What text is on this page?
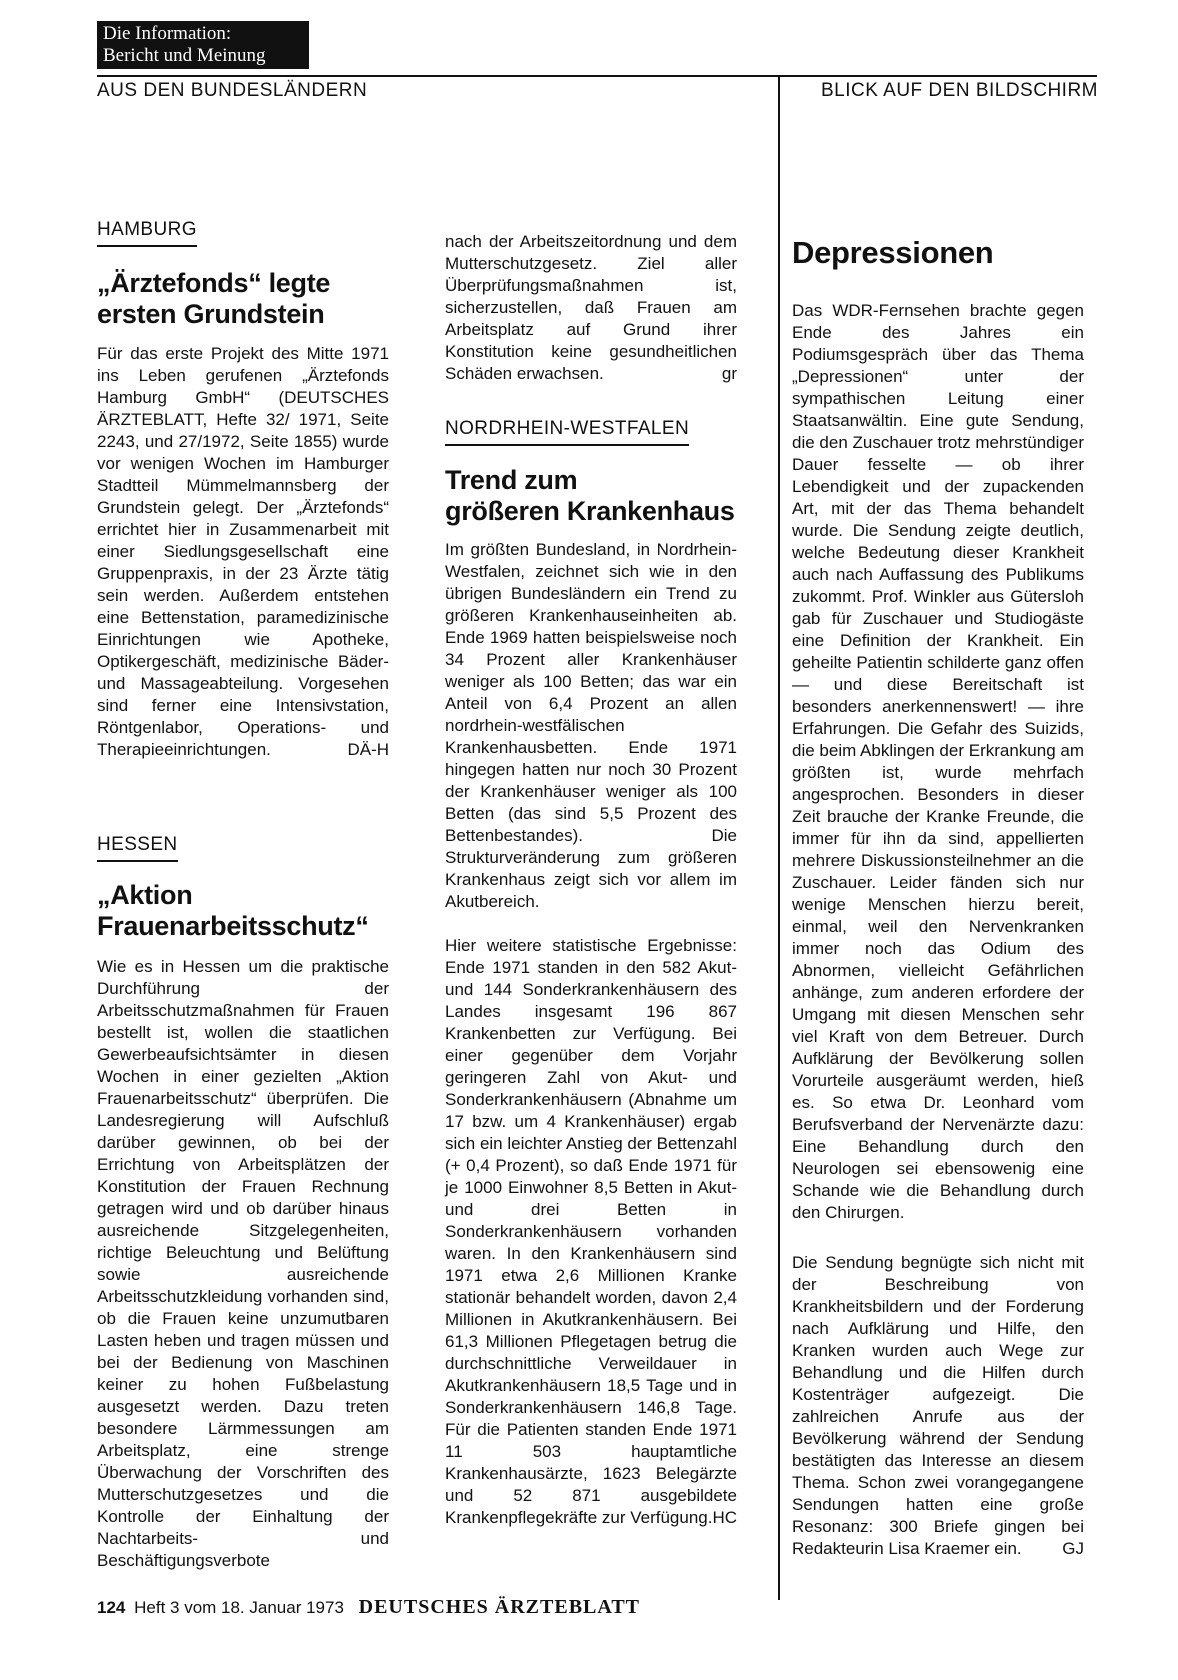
Die Information:
Bericht und Meinung
AUS DEN BUNDESLÄNDERN	BLICK AUF DEN BILDSCHIRM
HAMBURG
„Ärztefonds“ legte
ersten Grundstein
Für das erste Projekt des Mitte 1971 ins Leben gerufenen „Ärztefonds Hamburg GmbH“ (DEUTSCHES ÄRZTEBLATT, Hefte 32/ 1971, Seite 2243, und 27/1972, Seite 1855) wurde vor wenigen Wochen im Hamburger Stadtteil Mümmelmannsberg der Grundstein gelegt. Der „Ärztefonds“ errichtet hier in Zusammenarbeit mit einer Siedlungsgesellschaft eine Gruppenpraxis, in der 23 Ärzte tätig sein werden. Außerdem entstehen eine Bettenstation, paramedizinische Einrichtungen wie Apotheke, Optikergeschäft, medizinische Bäder- und Massageabteilung. Vorgesehen sind ferner eine Intensivstation, Röntgenlabor, Operations- und Therapieeinrichtungen.	DÄ-H
HESSEN
„Aktion
Frauenarbeitsschutz“
Wie es in Hessen um die praktische Durchführung der Arbeitsschutzmaßnahmen für Frauen bestellt ist, wollen die staatlichen Gewerbeaufsichtsämter in diesen Wochen in einer gezielten „Aktion Frauenarbeitsschutz“ überprüfen. Die Landesregierung will Aufschluß darüber gewinnen, ob bei der Errichtung von Arbeitsplätzen der Konstitution der Frauen Rechnung getragen wird und ob darüber hinaus ausreichende Sitzgelegenheiten, richtige Beleuchtung und Belüftung sowie ausreichende Arbeitsschutzkleidung vorhanden sind, ob die Frauen keine unzumutbaren Lasten heben und tragen müssen und bei der Bedienung von Maschinen keiner zu hohen Fußbelastung ausgesetzt werden. Dazu treten besondere Lärmmessungen am Arbeitsplatz, eine strenge Überwachung der Vorschriften des Mutterschutzgesetzes und die Kontrolle der Einhaltung der Nachtarbeits- und Beschäftigungsverbote
nach der Arbeitszeitordnung und dem Mutterschutzgesetz. Ziel aller Überprüfungsmaßnahmen ist, sicherzustellen, daß Frauen am Arbeitsplatz auf Grund ihrer Konstitution keine gesundheitlichen Schäden erwachsen.	gr
NORDRHEIN-WESTFALEN
Trend zum
größeren Krankenhaus
Im größten Bundesland, in Nordrhein-Westfalen, zeichnet sich wie in den übrigen Bundesländern ein Trend zu größeren Krankenhauseinheiten ab. Ende 1969 hatten beispielsweise noch 34 Prozent aller Krankenhäuser weniger als 100 Betten; das war ein Anteil von 6,4 Prozent an allen nordrhein-westfälischen Krankenhausbetten. Ende 1971 hingegen hatten nur noch 30 Prozent der Krankenhäuser weniger als 100 Betten (das sind 5,5 Prozent des Bettenbestandes). Die Strukturveränderung zum größeren Krankenhaus zeigt sich vor allem im Akutbereich.
Hier weitere statistische Ergebnisse: Ende 1971 standen in den 582 Akut- und 144 Sonderkrankenhäusern des Landes insgesamt 196 867 Krankenbetten zur Verfügung. Bei einer gegenüber dem Vorjahr geringeren Zahl von Akut- und Sonderkrankenhäusern (Abnahme um 17 bzw. um 4 Krankenhäuser) ergab sich ein leichter Anstieg der Bettenzahl (+ 0,4 Prozent), so daß Ende 1971 für je 1000 Einwohner 8,5 Betten in Akut- und drei Betten in Sonderkrankenhäusern vorhanden waren. In den Krankenhäusern sind 1971 etwa 2,6 Millionen Kranke stationär behandelt worden, davon 2,4 Millionen in Akutkrankenhäusern. Bei 61,3 Millionen Pflegetagen betrug die durchschnittliche Verweildauer in Akutkrankenhäusern 18,5 Tage und in Sonderkrankenhäusern 146,8 Tage. Für die Patienten standen Ende 1971 11 503 hauptamtliche Krankenhausärzte, 1623 Belegärzte und 52 871 ausgebildete Krankenpflegekräfte zur Verfügung. HC
Depressionen
Das WDR-Fernsehen brachte gegen Ende des Jahres ein Podiumsgespräch über das Thema „Depressionen“ unter der sympathischen Leitung einer Staatsanwältin. Eine gute Sendung, die den Zuschauer trotz mehrstündiger Dauer fesselte — ob ihrer Lebendigkeit und der zupackenden Art, mit der das Thema behandelt wurde. Die Sendung zeigte deutlich, welche Bedeutung dieser Krankheit auch nach Auffassung des Publikums zukommt. Prof. Winkler aus Gütersloh gab für Zuschauer und Studiogäste eine Definition der Krankheit. Ein geheilte Patientin schilderte ganz offen — und diese Bereitschaft ist besonders anerkennenswert! — ihre Erfahrungen. Die Gefahr des Suizids, die beim Abklingen der Erkrankung am größten ist, wurde mehrfach angesprochen. Besonders in dieser Zeit brauche der Kranke Freunde, die immer für ihn da sind, appellierten mehrere Diskussionsteilnehmer an die Zuschauer. Leider fänden sich nur wenige Menschen hierzu bereit, einmal, weil den Nervenkranken immer noch das Odium des Abnormen, vielleicht Gefährlichen anhänge, zum anderen erfordere der Umgang mit diesen Menschen sehr viel Kraft von dem Betreuer. Durch Aufklärung der Bevölkerung sollen Vorurteile ausgeräumt werden, hieß es. So etwa Dr. Leonhard vom Berufsverband der Nervenärzte dazu: Eine Behandlung durch den Neurologen sei ebensowenig eine Schande wie die Behandlung durch den Chirurgen.
Die Sendung begnügte sich nicht mit der Beschreibung von Krankheitsbildern und der Forderung nach Aufklärung und Hilfe, den Kranken wurden auch Wege zur Behandlung und die Hilfen durch Kostenträger aufgezeigt. Die zahlreichen Anrufe aus der Bevölkerung während der Sendung bestätigten das Interesse an diesem Thema. Schon zwei vorangegangene Sendungen hatten eine große Resonanz: 300 Briefe gingen bei Redakteurin Lisa Kraemer ein. GJ
124 Heft 3 vom 18. Januar 1973 DEUTSCHES ÄRZTEBLATT
